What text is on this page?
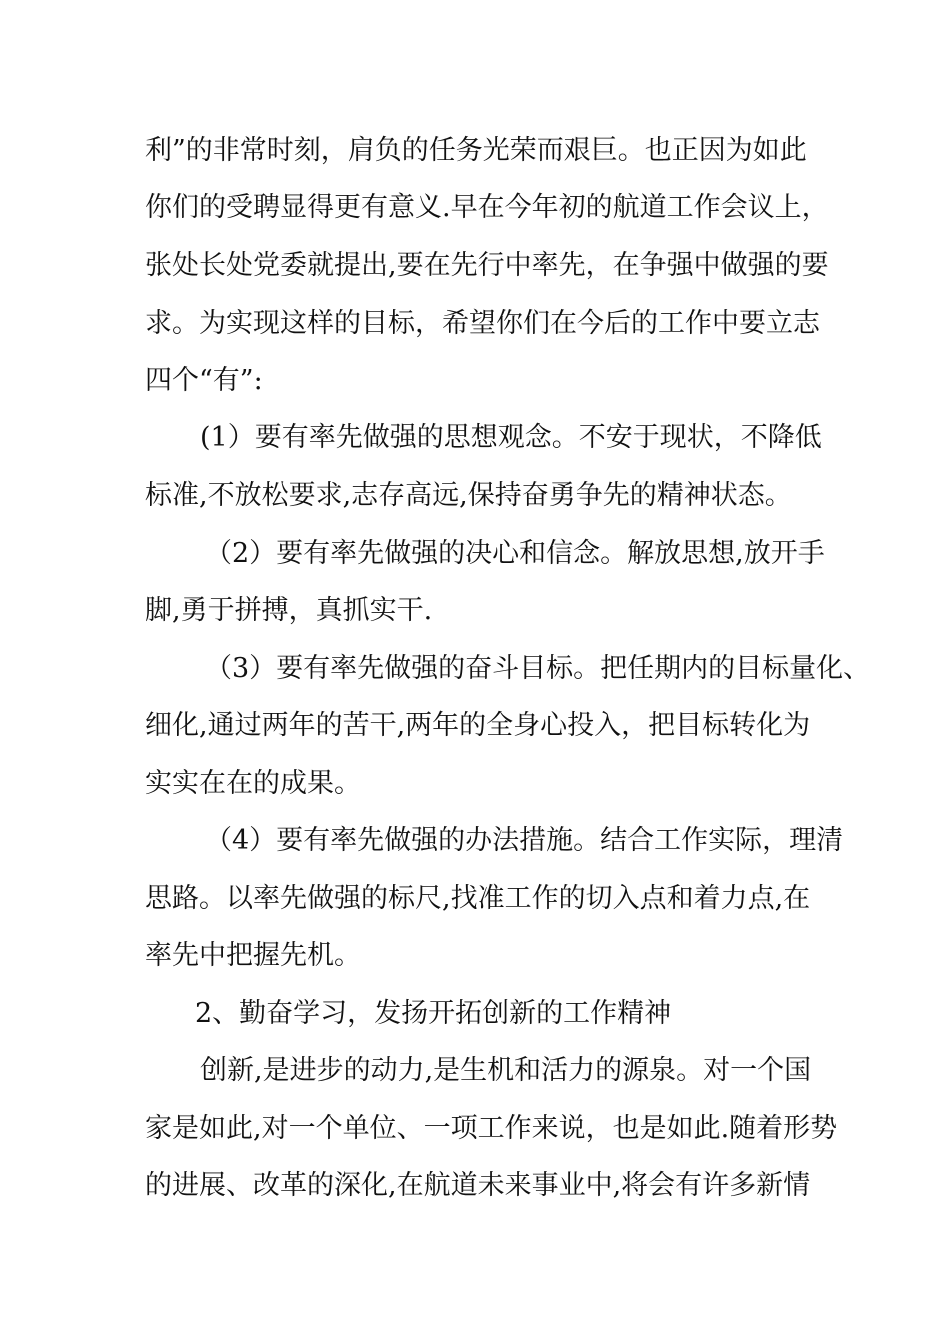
利”的非常时刻，肩负的任务光荣而艰巨。也正因为如此
你们的受聘显得更有意义.早在今年初的航道工作会议上，
张处长处党委就提出,要在先行中率先，在争强中做强的要
求。为实现这样的目标，希望你们在今后的工作中要立志
四个“有”:
(1）要有率先做强的思想观念。不安于现状，不降低
标准,不放松要求,志存高远,保持奋勇争先的精神状态。
（2）要有率先做强的决心和信念。解放思想,放开手
脚,勇于拼搏，真抓实干.
（3）要有率先做强的奋斗目标。把任期内的目标量化、
细化,通过两年的苦干,两年的全身心投入，把目标转化为
实实在在的成果。
（4）要有率先做强的办法措施。结合工作实际，理清
思路。以率先做强的标尺,找准工作的切入点和着力点,在
率先中把握先机。
2、勤奋学习，发扬开拓创新的工作精神
创新,是进步的动力,是生机和活力的源泉。对一个国
家是如此,对一个单位、一项工作来说，也是如此.随着形势
的进展、改革的深化,在航道未来事业中,将会有许多新情
